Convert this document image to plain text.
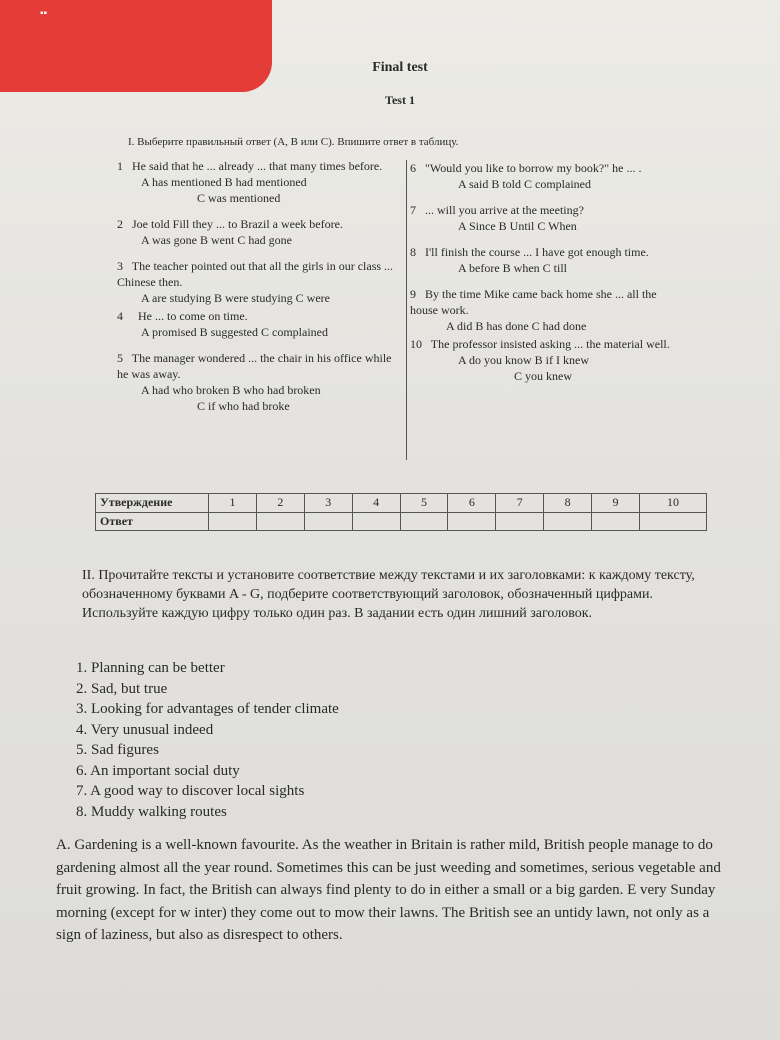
▪▪
Final test
Test 1
I. Выберите правильный ответ (A, B или C). Впишите ответ в таблицу.
1 He said that he ... already ... that many times before.
A has mentioned B had mentioned
C was mentioned
2 Joe told Fill they ... to Brazil a week before.
A was gone B went C had gone
3 The teacher pointed out that all the girls in our class ... Chinese then.
A are studying B were studying C were
4 He ... to come on time.
A promised B suggested C complained
5 The manager wondered ... the chair in his office while he was away.
A had who broken B who had broken
C if who had broke
6 "Would you like to borrow my book?" he ... .
A said B told C complained
7 ... will you arrive at the meeting?
A Since B Until C When
8 I'll finish the course ... I have got enough time.
A before B when C till
9 By the time Mike came back home she ... all the house work.
A did B has done C had done
10 The professor insisted asking ... the material well.
A do you know B if I knew
C you knew
Утверждение	1	2	3	4	5	6	7	8	9	10
Ответ										
II. Прочитайте тексты и установите соответствие между текстами и их заголовками: к каждому тексту, обозначенному буквами A - G, подберите соответствующий заголовок, обозначенный цифрами. Используйте каждую цифру только один раз. В задании есть один лишний заголовок.
1. Planning can be better
2. Sad, but true
3. Looking for advantages of tender climate
4. Very unusual indeed
5. Sad figures
6. An important social duty
7. A good way to discover local sights
8. Muddy walking routes
A. Gardening is a well-known favourite. As the weather in Britain is rather mild, British people manage to do gardening almost all the year round. Sometimes this can be just weeding and sometimes, serious vegetable and fruit growing. In fact, the British can always find plenty to do in either a small or a big garden. E very Sunday morning (except for w inter) they come out to mow their lawns. The British see an untidy lawn, not only as a sign of laziness, but also as disrespect to others.
